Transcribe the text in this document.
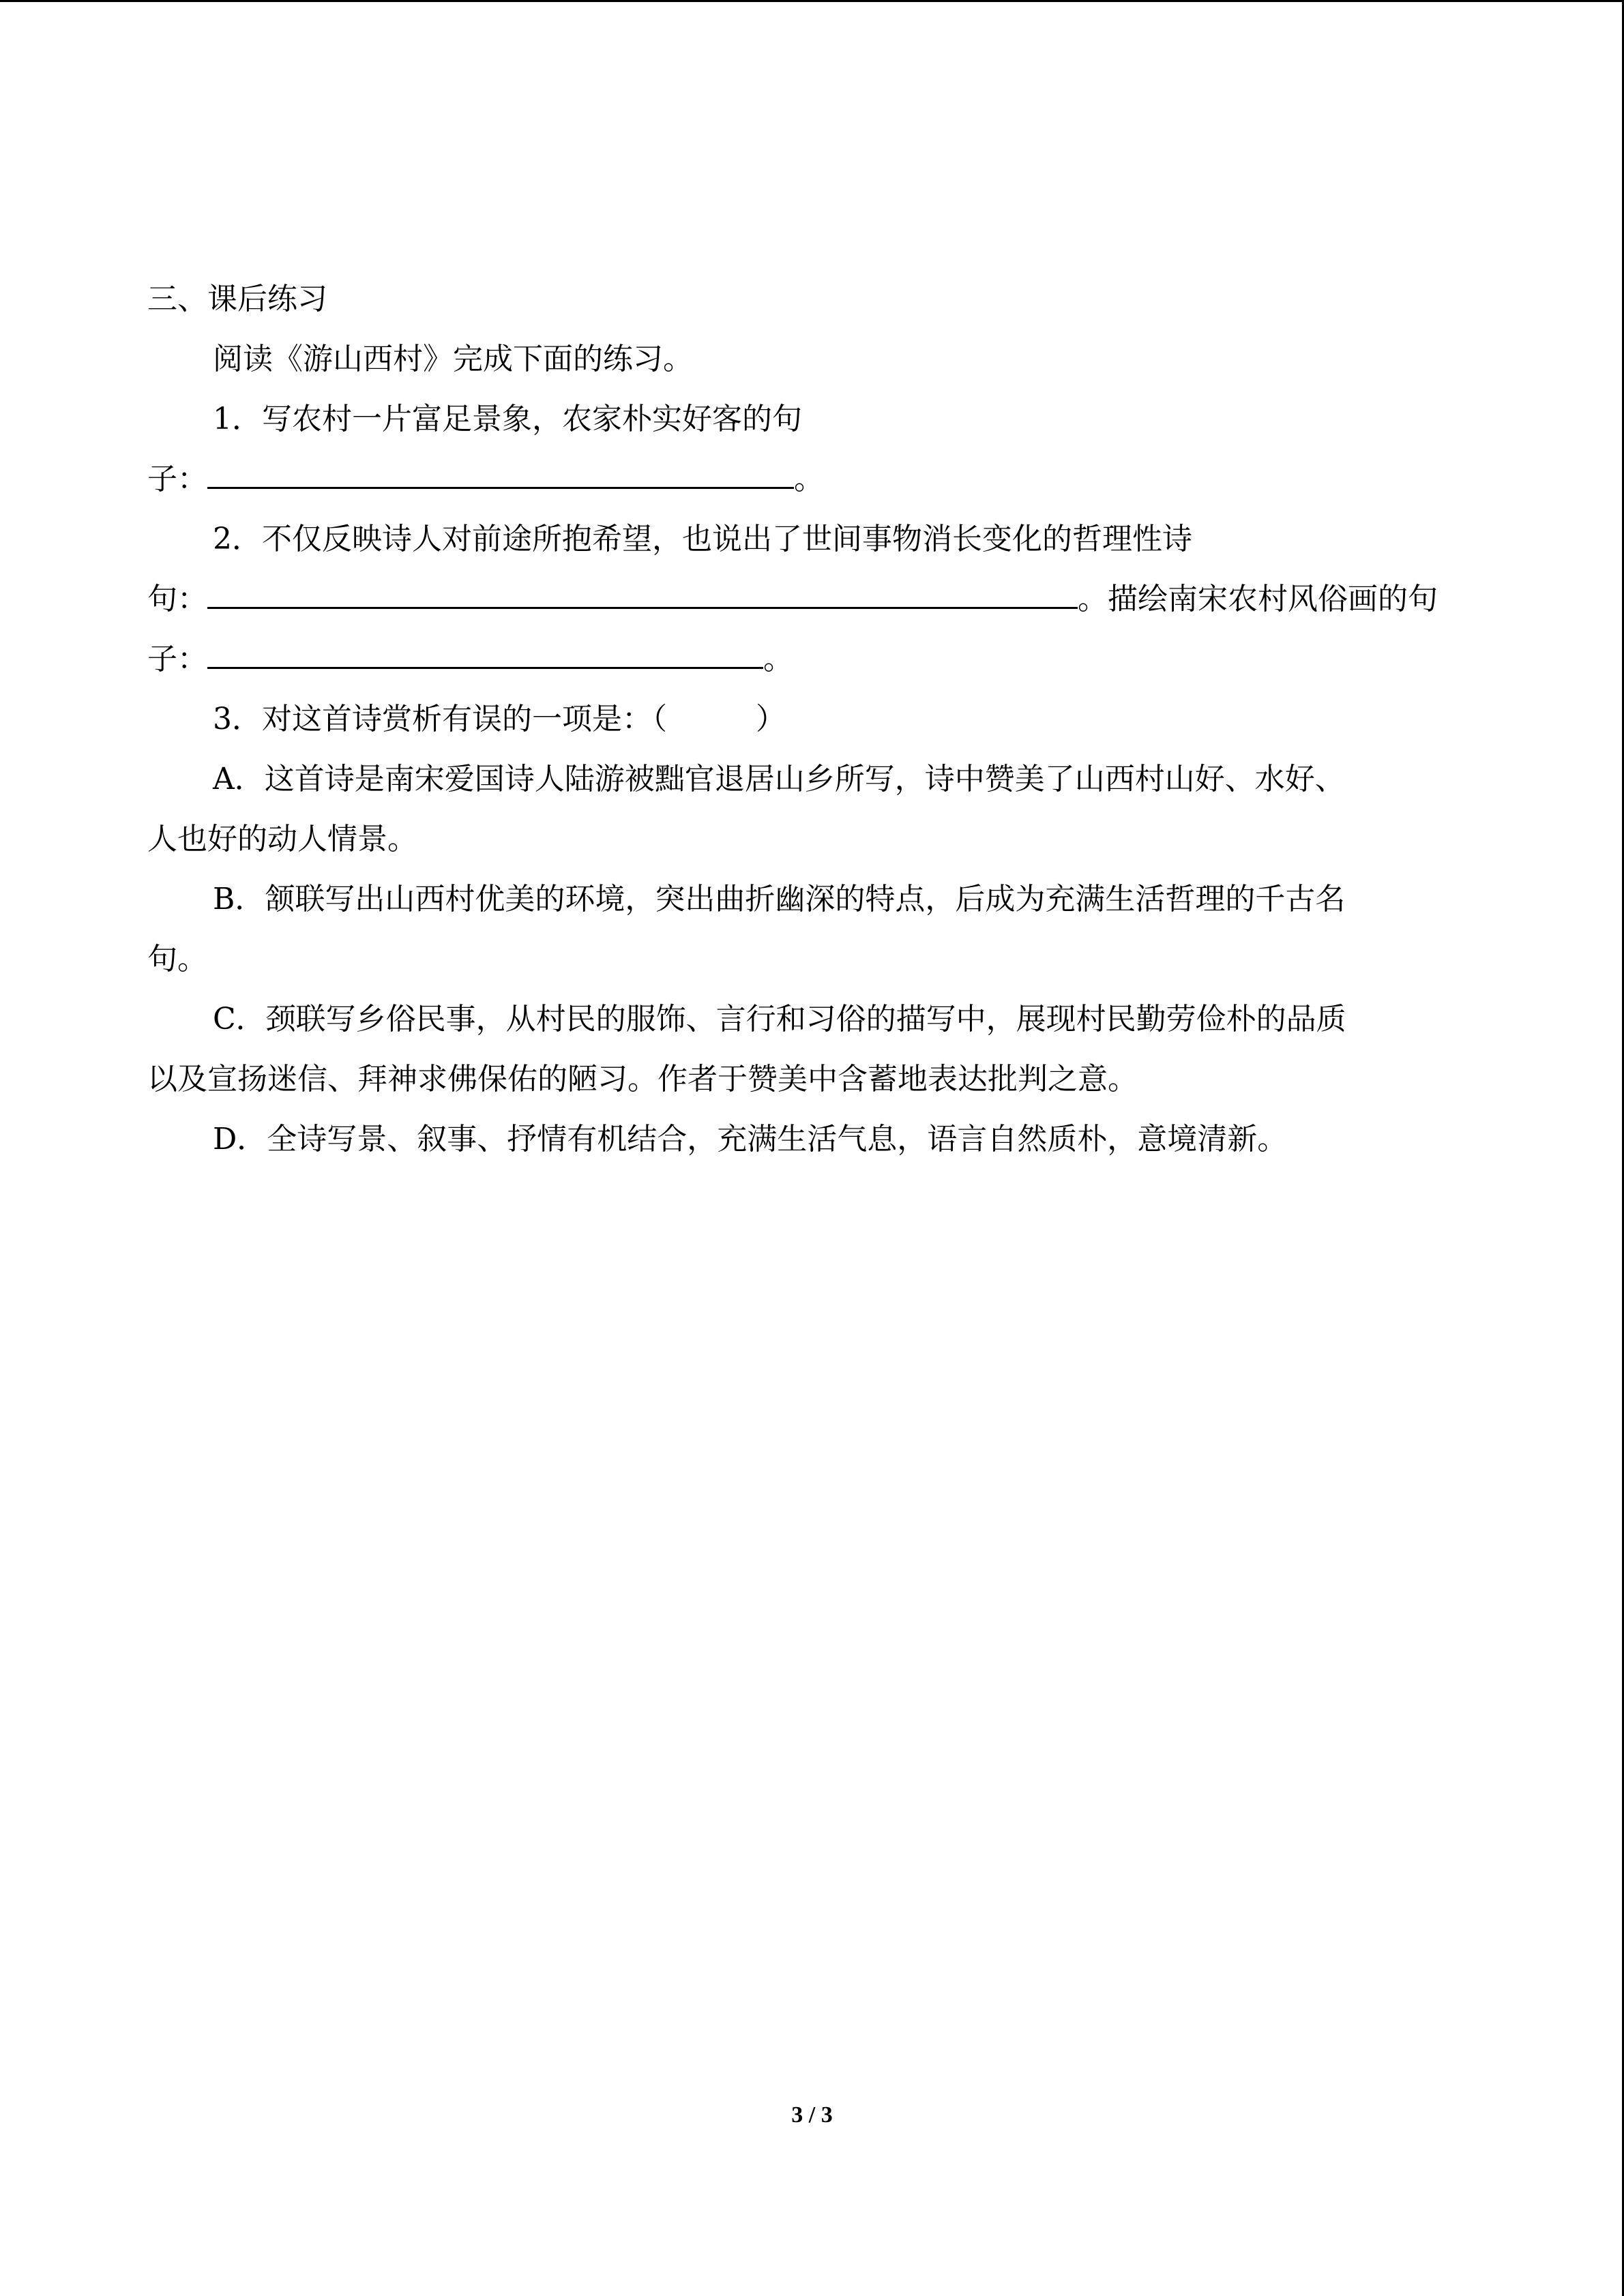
三、课后练习
阅读《游山西村》完成下面的练习。
1．写农村一片富足景象，农家朴实好客的句
子：	。
2．不仅反映诗人对前途所抱希望，也说出了世间事物消长变化的哲理性诗
句：	。描绘南宋农村风俗画的句
子：	。
3．对这首诗赏析有误的一项是：（	）
A．这首诗是南宋爱国诗人陆游被黜官退居山乡所写，诗中赞美了山西村山好、水好、
人也好的动人情景。
B．颔联写出山西村优美的环境，突出曲折幽深的特点，后成为充满生活哲理的千古名
句。
C．颈联写乡俗民事，从村民的服饰、言行和习俗的描写中，展现村民勤劳俭朴的品质
以及宣扬迷信、拜神求佛保佑的陋习。作者于赞美中含蓄地表达批判之意。
D．全诗写景、叙事、抒情有机结合，充满生活气息，语言自然质朴，意境清新。
3 / 3
